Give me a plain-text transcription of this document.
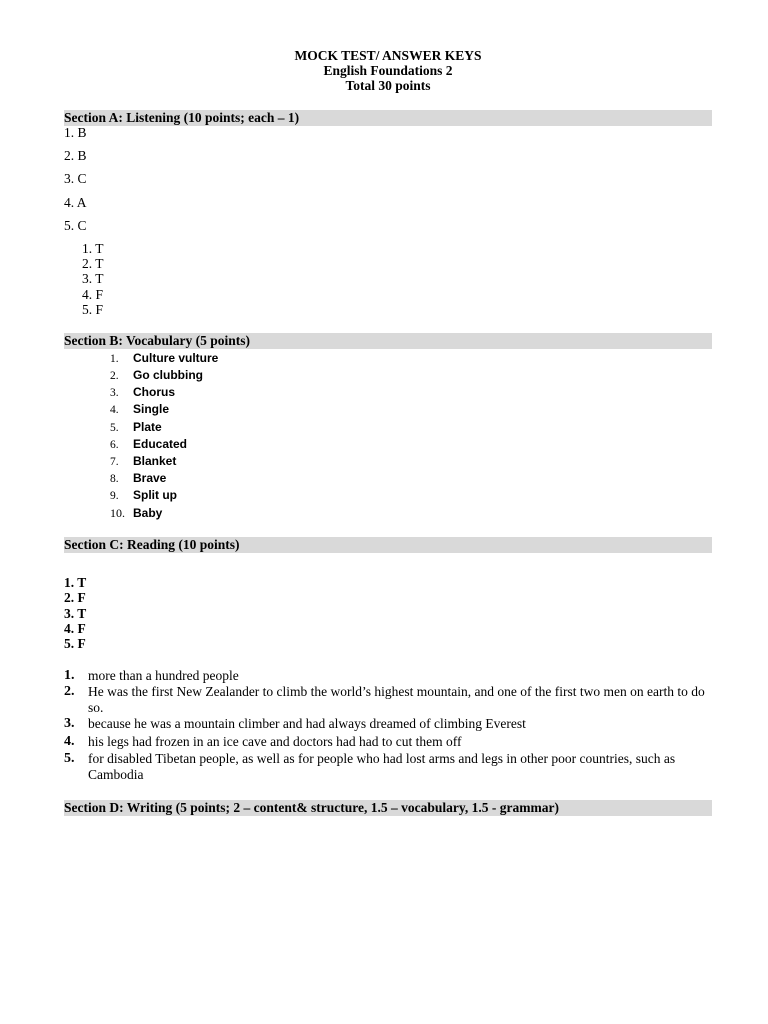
MOCK TEST/ ANSWER KEYS
English Foundations 2
Total 30 points
Section A: Listening (10 points; each – 1)
1. B
2. B
3. C
4. A
5. C
1. T
2. T
3. T
4. F
5. F
Section B: Vocabulary (5 points)
1. Culture vulture
2. Go clubbing
3. Chorus
4. Single
5. Plate
6. Educated
7. Blanket
8. Brave
9. Split up
10. Baby
Section C: Reading (10 points)
1. T
2. F
3. T
4. F
5. F
1. more than a hundred people
2. He was the first New Zealander to climb the world’s highest mountain, and one of the first two men on earth to do so.
3. because he was a mountain climber and had always dreamed of climbing Everest
4. his legs had frozen in an ice cave and doctors had had to cut them off
5. for disabled Tibetan people, as well as for people who had lost arms and legs in other poor countries, such as Cambodia
Section D: Writing (5 points; 2 – content& structure, 1.5 – vocabulary, 1.5 - grammar)
